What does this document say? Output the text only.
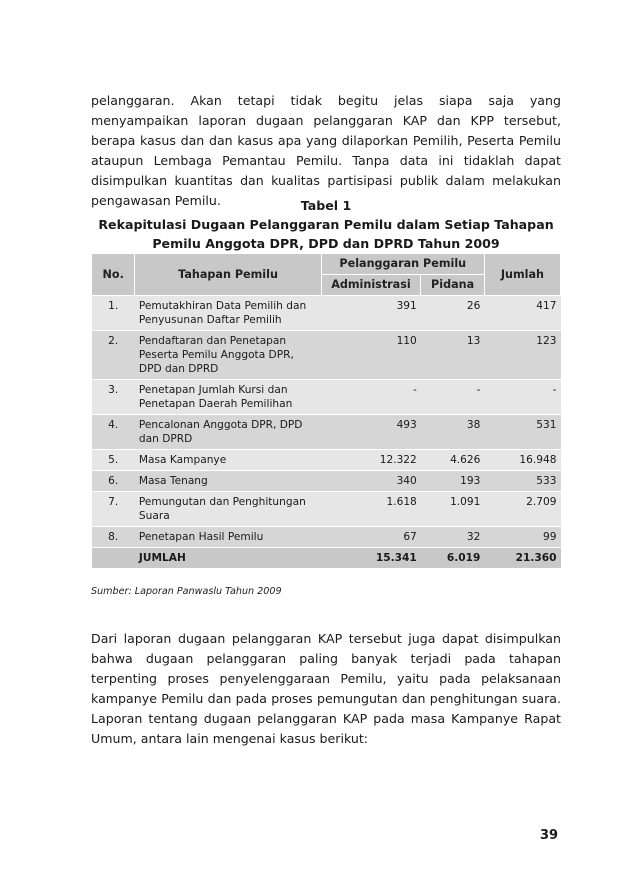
pelanggaran. Akan tetapi tidak begitu jelas siapa saja yang menyampaikan laporan dugaan pelanggaran KAP dan KPP tersebut, berapa kasus dan dan kasus apa yang dilaporkan Pemilih, Peserta Pemilu ataupun Lembaga Pemantau Pemilu. Tanpa data ini tidaklah dapat disimpulkan kuantitas dan kualitas partisipasi publik dalam melakukan pengawasan Pemilu.	Tabel 1
Rekapitulasi Dugaan Pelanggaran Pemilu dalam Setiap Tahapan
Pemilu Anggota DPR, DPD dan DPRD Tahun 2009
No.	Tahapan Pemilu	Pelanggaran Pemilu		Jumlah
		Administrasi	Pidana	
1.	Pemutakhiran Data Pemilih dan Penyusunan Daftar Pemilih	391	26	417
2.	Pendaftaran dan Penetapan Peserta Pemilu Anggota DPR, DPD dan DPRD	110	13	123
3.	Penetapan Jumlah Kursi dan Penetapan Daerah Pemilihan	-	-	-
4.	Pencalonan Anggota DPR, DPD dan DPRD	493	38	531
5.	Masa Kampanye	12.322	4.626	16.948
6.	Masa Tenang	340	193	533
7.	Pemungutan dan Penghitungan Suara	1.618	1.091	2.709
8.	Penetapan Hasil Pemilu	67	32	99
	JUMLAH	15.341	6.019	21.360
Sumber: Laporan Panwaslu Tahun 2009

Dari laporan dugaan pelanggaran KAP tersebut juga dapat disimpulkan bahwa dugaan pelanggaran paling banyak terjadi pada tahapan terpenting proses penyelenggaraan Pemilu, yaitu pada pelaksanaan kampanye Pemilu dan pada proses pemungutan dan penghitungan suara. Laporan tentang dugaan pelanggaran KAP pada masa Kampanye Rapat Umum, antara lain mengenai kasus berikut:

39
